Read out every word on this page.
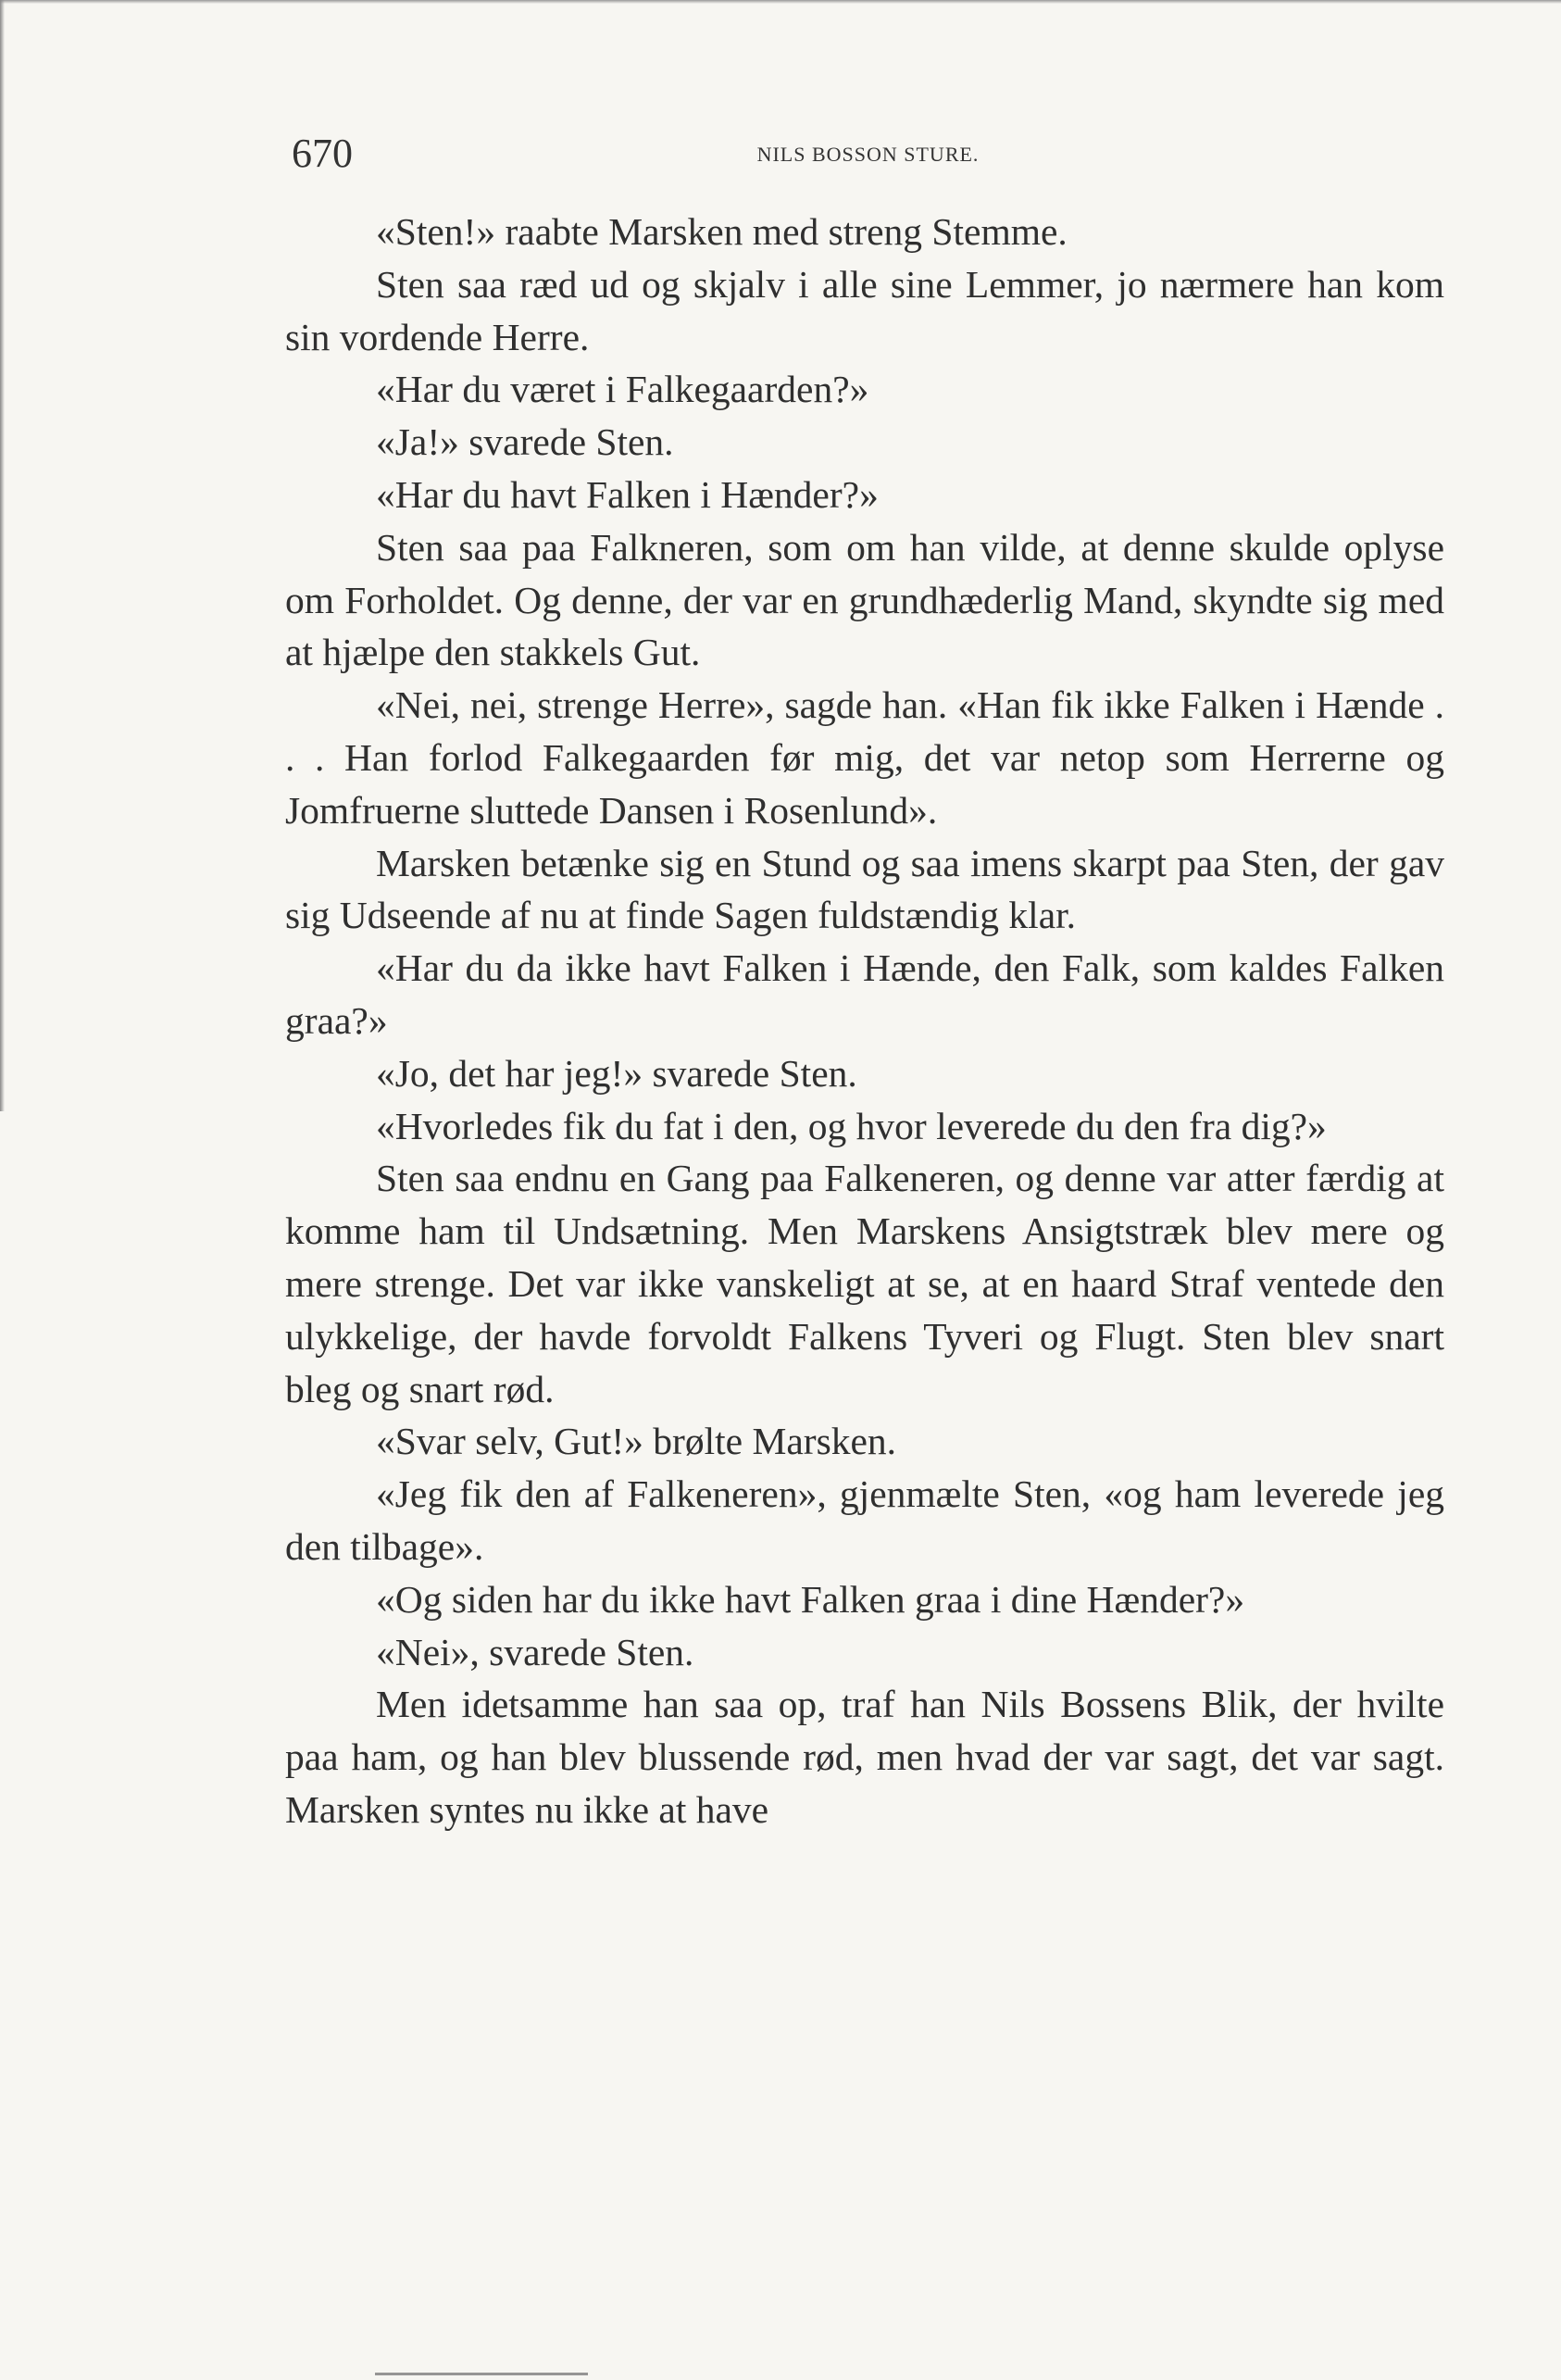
670	NILS BOSSON STURE.

«Sten!» raabte Marsken med streng Stemme.

Sten saa ræd ud og skjalv i alle sine Lemmer, jo nærmere han kom sin vordende Herre.

«Har du været i Falkegaarden?»

«Ja!» svarede Sten.

«Har du havt Falken i Hænder?»

Sten saa paa Falkneren, som om han vilde, at denne skulde oplyse om Forholdet. Og denne, der var en grundhæderlig Mand, skyndte sig med at hjælpe den stakkels Gut.

«Nei, nei, strenge Herre», sagde han. «Han fik ikke Falken i Hænde . . . Han forlod Falkegaarden før mig, det var netop som Herrerne og Jomfruerne sluttede Dansen i Rosenlund».

Marsken betænke sig en Stund og saa imens skarpt paa Sten, der gav sig Udseende af nu at finde Sagen fuldstændig klar.

«Har du da ikke havt Falken i Hænde, den Falk, som kaldes Falken graa?»

«Jo, det har jeg!» svarede Sten.

«Hvorledes fik du fat i den, og hvor leverede du den fra dig?»

Sten saa endnu en Gang paa Falkeneren, og denne var atter færdig at komme ham til Undsætning. Men Marskens Ansigtstræk blev mere og mere strenge. Det var ikke vanskeligt at se, at en haard Straf ventede den ulykkelige, der havde forvoldt Falkens Tyveri og Flugt. Sten blev snart bleg og snart rød.

«Svar selv, Gut!» brølte Marsken.

«Jeg fik den af Falkeneren», gjenmælte Sten, «og ham leverede jeg den tilbage».

«Og siden har du ikke havt Falken graa i dine Hænder?»

«Nei», svarede Sten.

Men idetsamme han saa op, traf han Nils Bossens Blik, der hvilte paa ham, og han blev blussende rød, men hvad der var sagt, det var sagt. Marsken syntes nu ikke at have
